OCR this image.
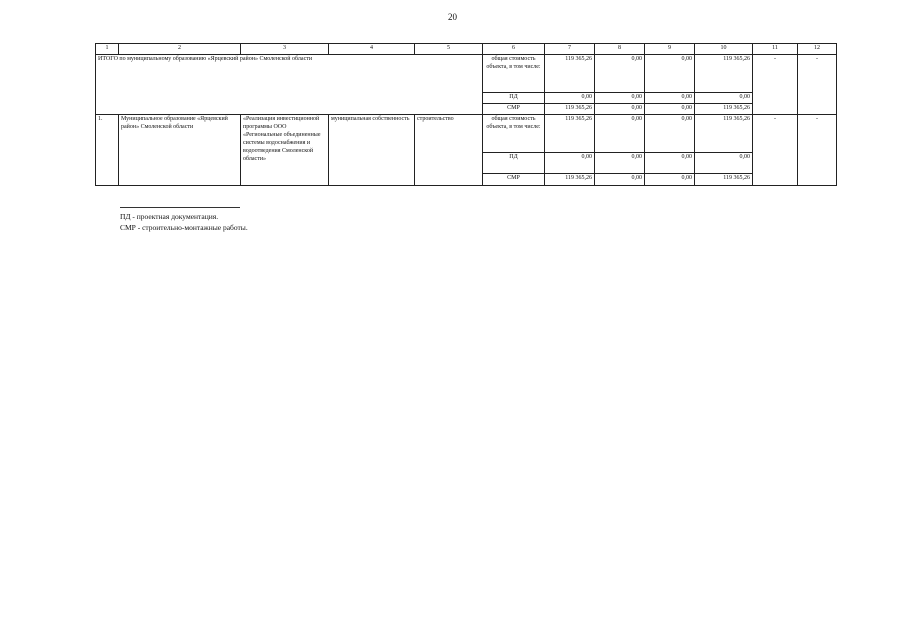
20
1	2	3	4	5	6	7	8	9	10	11	12
ИТОГО по муниципальному образованию «Ярцевский район» Смоленской области					общая стоимость объекта, в том числе:	119 365,26	0,00	0,00	119 365,26	-	-
					ПД	0,00	0,00	0,00	0,00		
					СМР	119 365,26	0,00	0,00	119 365,26		
1.	Муниципальное образование «Ярцевский район» Смоленской области	«Реализация инвестиционной программы ООО «Региональные объединенные системы водоснабжения и водоотведения Смоленской области»	муниципальная собственность	строительство	общая стоимость объекта, в том числе:	119 365,26	0,00	0,00	119 365,26	-	-
					ПД	0,00	0,00	0,00	0,00		
					СМР	119 365,26	0,00	0,00	119 365,26		
ПД - проектная документация.
СМР - строительно-монтажные работы.
